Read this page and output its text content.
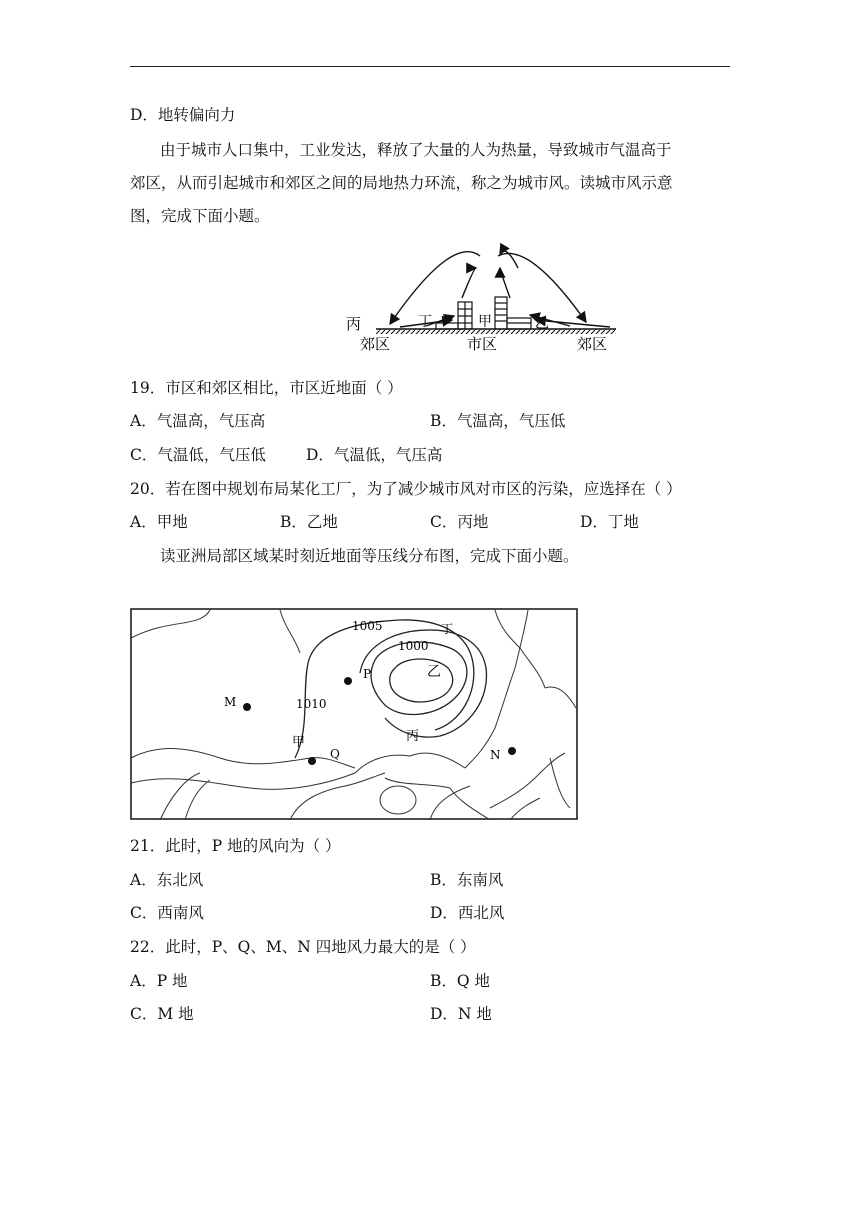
D．地转偏向力
由于城市人口集中，工业发达，释放了大量的人为热量，导致城市气温高于
郊区，从而引起城市和郊区之间的局地热力环流，称之为城市风。读城市风示意
图，完成下面小题。
丙	丁	甲	乙
郊区	市区	郊区
19．市区和郊区相比，市区近地面（ ）
A．气温高，气压高	B．气温高，气压低
C．气温低，气压低	D．气温低，气压高
20．若在图中规划布局某化工厂，为了减少城市风对市区的污染，应选择在（ ）
A．甲地	B．乙地	C．丙地	D．丁地
读亚洲局部区域某时刻近地面等压线分布图，完成下面小题。
1005
1000
1010
丁
乙
甲	丙
P
M
Q	N
21．此时，P 地的风向为（ ）
A．东北风	B．东南风
C．西南风	D．西北风
22．此时，P、Q、M、N 四地风力最大的是（ ）
A．P 地	B．Q 地
C．M 地	D．N 地
